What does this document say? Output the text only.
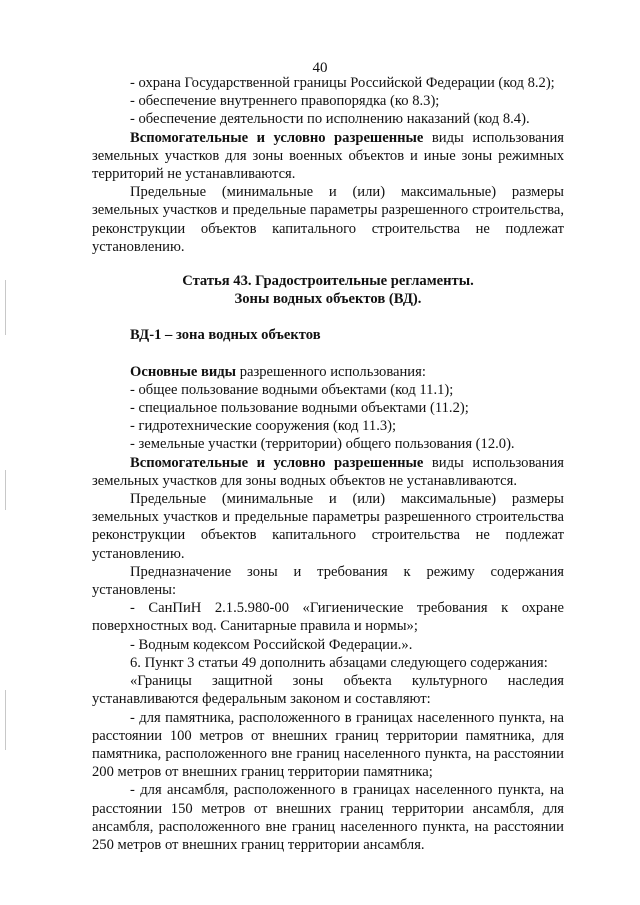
40

- охрана Государственной границы Российской Федерации (код 8.2);

- обеспечение внутреннего правопорядка (ко 8.3);

- обеспечение деятельности по исполнению наказаний (код 8.4).

Вспомогательные и условно разрешенные виды использования земельных участков для зоны военных объектов и иные зоны режимных территорий не устанавливаются.

Предельные (минимальные и (или) максимальные) размеры земельных участков и предельные параметры разрешенного строительства, реконструкции объектов капитального строительства не подлежат установлению.

Статья 43. Градостроительные регламенты.
Зоны водных объектов (ВД).

ВД-1 – зона водных объектов

Основные виды разрешенного использования:

- общее пользование водными объектами (код 11.1);

- специальное пользование водными объектами (11.2);

- гидротехнические сооружения (код 11.3);

- земельные участки (территории) общего пользования (12.0).

Вспомогательные и условно разрешенные виды использования земельных участков для зоны водных объектов не устанавливаются.

Предельные (минимальные и (или) максимальные) размеры земельных участков и предельные параметры разрешенного строительства реконструкции объектов капитального строительства не подлежат установлению.

Предназначение зоны и требования к режиму содержания установлены:

- СанПиН 2.1.5.980-00 «Гигиенические требования к охране поверхностных вод. Санитарные правила и нормы»;

- Водным кодексом Российской Федерации.».

6. Пункт 3 статьи 49 дополнить абзацами следующего содержания:

«Границы защитной зоны объекта культурного наследия устанавливаются федеральным законом и составляют:

- для памятника, расположенного в границах населенного пункта, на расстоянии 100 метров от внешних границ территории памятника, для памятника, расположенного вне границ населенного пункта, на расстоянии 200 метров от внешних границ территории памятника;

- для ансамбля, расположенного в границах населенного пункта, на расстоянии 150 метров от внешних границ территории ансамбля, для ансамбля, расположенного вне границ населенного пункта, на расстоянии 250 метров от внешних границ территории ансамбля.
